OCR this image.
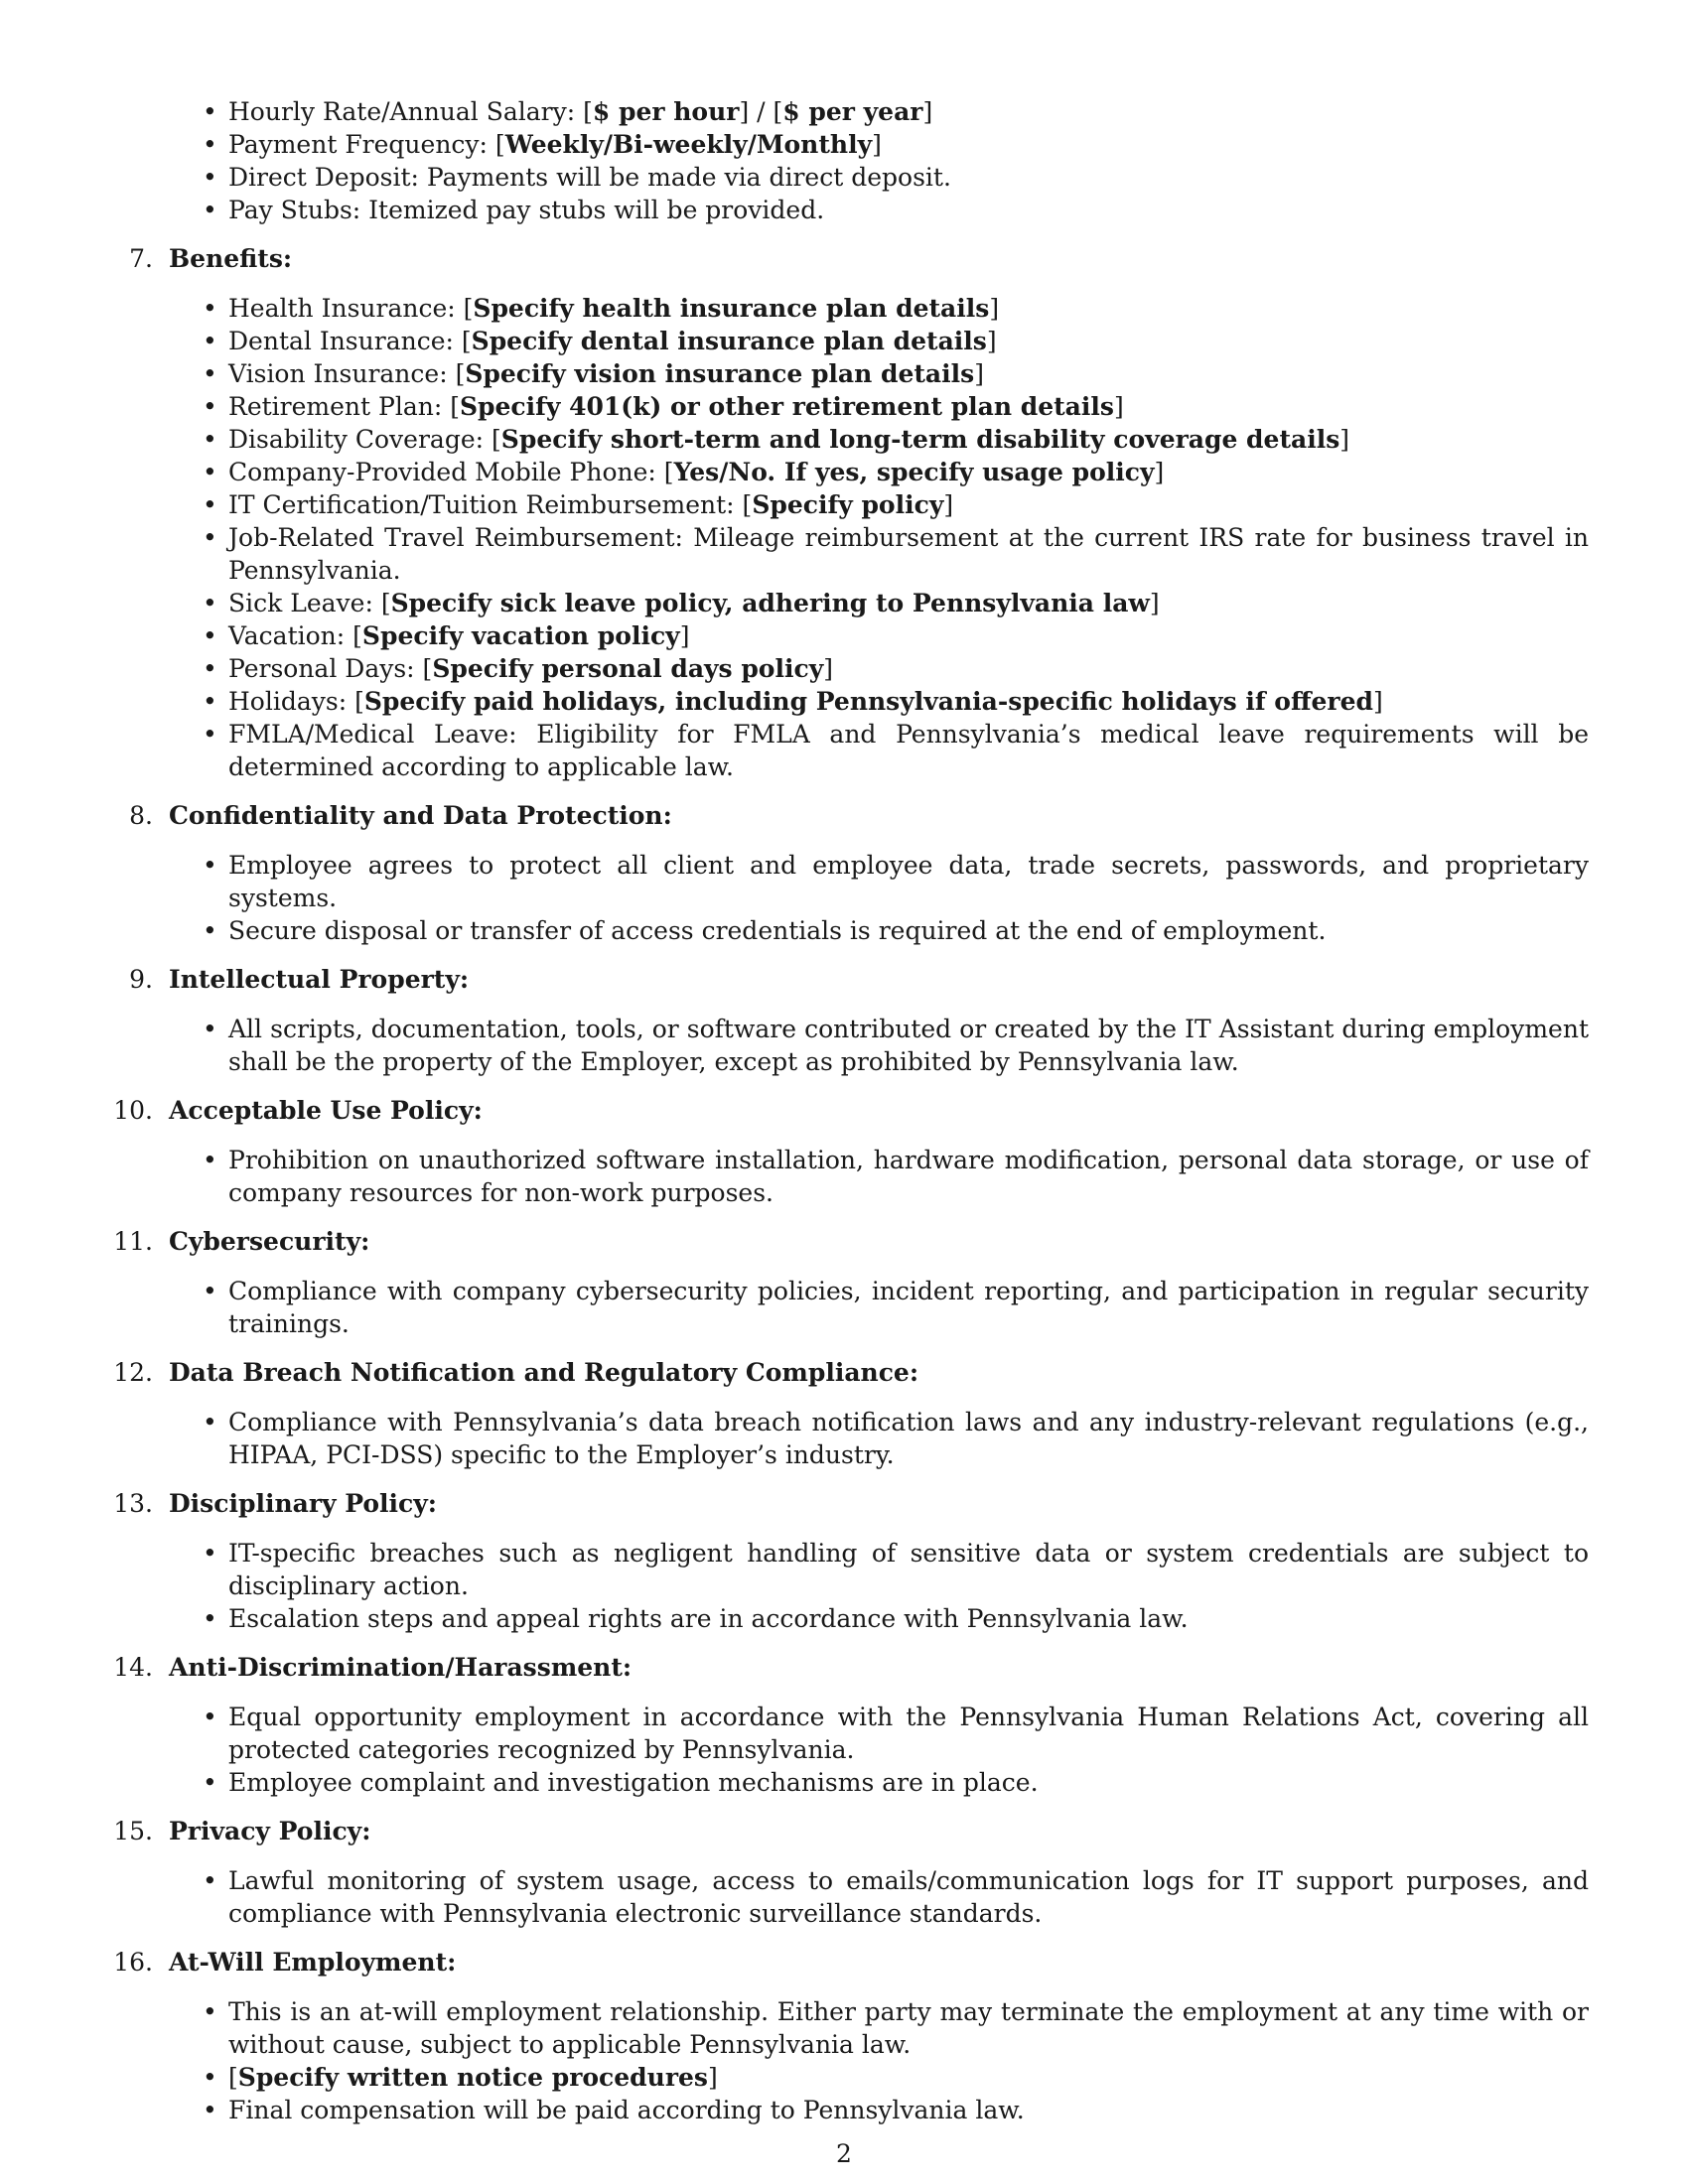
• Hourly Rate/Annual Salary: [$ per hour] / [$ per year]
• Payment Frequency: [Weekly/Bi-weekly/Monthly]
• Direct Deposit: Payments will be made via direct deposit.
• Pay Stubs: Itemized pay stubs will be provided.
7. Benefits:
• Health Insurance: [Specify health insurance plan details]
• Dental Insurance: [Specify dental insurance plan details]
• Vision Insurance: [Specify vision insurance plan details]
• Retirement Plan: [Specify 401(k) or other retirement plan details]
• Disability Coverage: [Specify short-term and long-term disability coverage details]
• Company-Provided Mobile Phone: [Yes/No. If yes, specify usage policy]
• IT Certification/Tuition Reimbursement: [Specify policy]
• Job-Related Travel Reimbursement: Mileage reimbursement at the current IRS rate for business travel in Pennsylvania.
• Sick Leave: [Specify sick leave policy, adhering to Pennsylvania law]
• Vacation: [Specify vacation policy]
• Personal Days: [Specify personal days policy]
• Holidays: [Specify paid holidays, including Pennsylvania-specific holidays if offered]
• FMLA/Medical Leave: Eligibility for FMLA and Pennsylvania’s medical leave requirements will be determined according to applicable law.
8. Confidentiality and Data Protection:
• Employee agrees to protect all client and employee data, trade secrets, passwords, and proprietary systems.
• Secure disposal or transfer of access credentials is required at the end of employment.
9. Intellectual Property:
• All scripts, documentation, tools, or software contributed or created by the IT Assistant during employment shall be the property of the Employer, except as prohibited by Pennsylvania law.
10. Acceptable Use Policy:
• Prohibition on unauthorized software installation, hardware modification, personal data storage, or use of company resources for non-work purposes.
11. Cybersecurity:
• Compliance with company cybersecurity policies, incident reporting, and participation in regular security trainings.
12. Data Breach Notification and Regulatory Compliance:
• Compliance with Pennsylvania’s data breach notification laws and any industry-relevant regulations (e.g., HIPAA, PCI-DSS) specific to the Employer’s industry.
13. Disciplinary Policy:
• IT-specific breaches such as negligent handling of sensitive data or system credentials are subject to disciplinary action.
• Escalation steps and appeal rights are in accordance with Pennsylvania law.
14. Anti-Discrimination/Harassment:
• Equal opportunity employment in accordance with the Pennsylvania Human Relations Act, covering all protected categories recognized by Pennsylvania.
• Employee complaint and investigation mechanisms are in place.
15. Privacy Policy:
• Lawful monitoring of system usage, access to emails/communication logs for IT support purposes, and compliance with Pennsylvania electronic surveillance standards.
16. At-Will Employment:
• This is an at-will employment relationship. Either party may terminate the employment at any time with or without cause, subject to applicable Pennsylvania law.
• [Specify written notice procedures]
• Final compensation will be paid according to Pennsylvania law.
2
